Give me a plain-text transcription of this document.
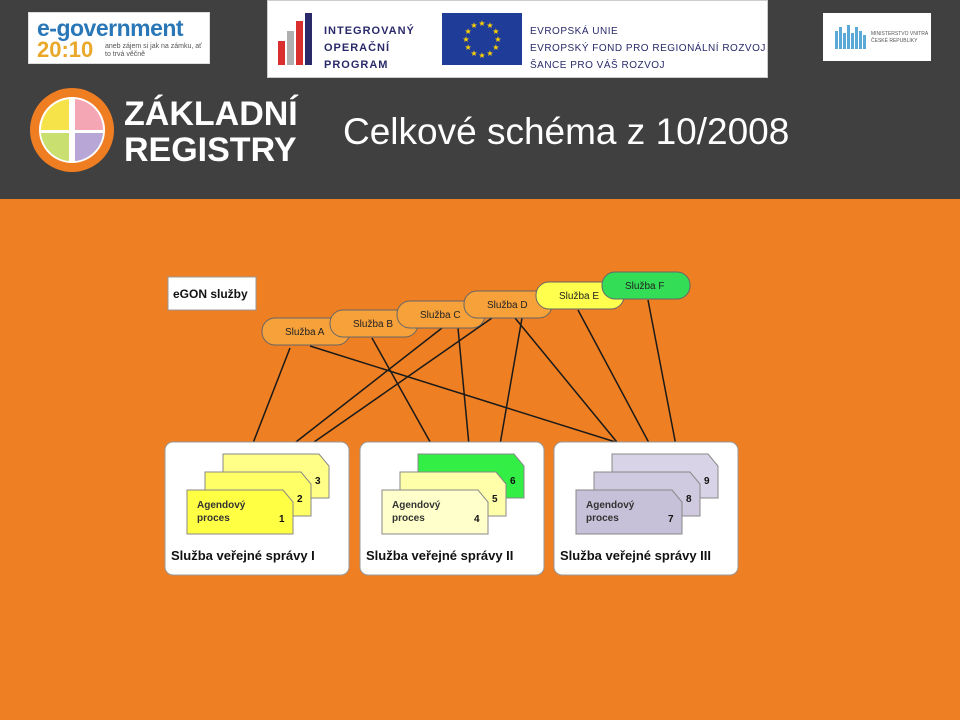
e-government
20:10 aneb zájem si jak na zámku, ať to trvá věčně
INTEGROVANÝ
OPERAČNÍ
PROGRAM
★
★
★
★
★
★
★
★
★ ★ ★
★	EVROPSKÁ UNIE
EVROPSKÝ FOND PRO REGIONÁLNÍ ROZVOJ
ŠANCE PRO VÁŠ ROZVOJ
MINISTERSTVO VNITRA ČESKÉ REPUBLIKY
ZÁKLADNÍ
REGISTRY Celkové schéma z 10/2008
eGON služby
Služba A
Služba B
Služba C
Služba D
Služba E
Služba F
3
2
1
Agendový
proces
Služba veřejné správy I
6
5
4
Agendový
proces
Služba veřejné správy II
9
8
7
Agendový
proces
Služba veřejné správy III
